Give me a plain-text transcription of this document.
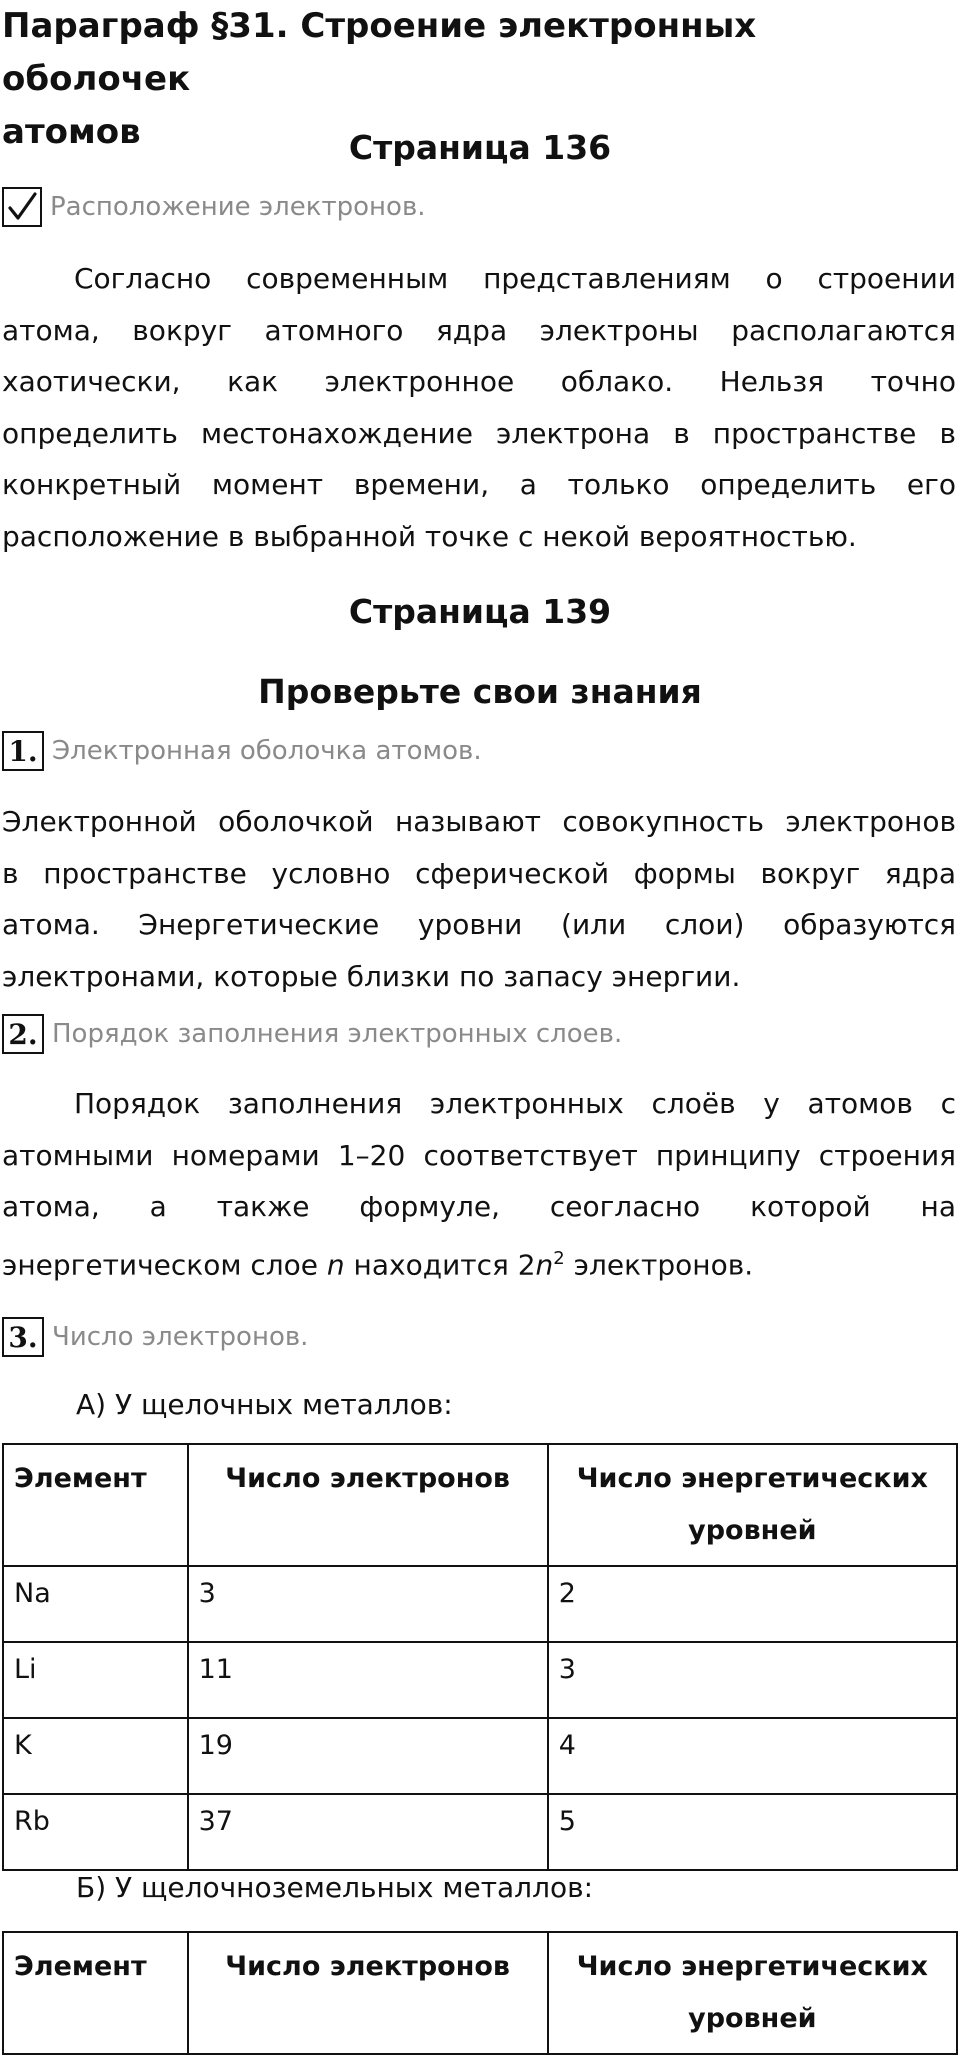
Параграф §31. Строение электронных оболочек
атомов	Страница 136
Расположение электронов.

Согласно современным представлениям о строении
атома, вокруг атомного ядра электроны располагаются
хаотически, как электронное облако. Нельзя точно
определить местонахождение электрона в пространстве в
конкретный момент времени, а только определить его
расположение в выбранной точке с некой вероятностью.

Страница 139
Проверьте свои знания
1. Электронная оболочка атомов.

Электронной оболочкой называют совокупность электронов
в пространстве условно сферической формы вокруг ядра
атома. Энергетические уровни (или слои) образуются
электронами, которые близки по запасу энергии.

2. Порядок заполнения электронных слоев.

Порядок заполнения электронных слоёв у атомов с
атомными номерами 1–20 соответствует принципу строения
атома, а также формуле, сеогласно которой на
энергетическом слое n находится $2n^2$ электронов.

3. Число электронов.

А) У щелочных металлов:

Элемент	Число электронов	Число энергетических уровней
Na	3	2
Li	11	3
K	19	4
Rb	37	5

Б) У щелочноземельных металлов:

Элемент	Число электронов	Число энергетических уровней
